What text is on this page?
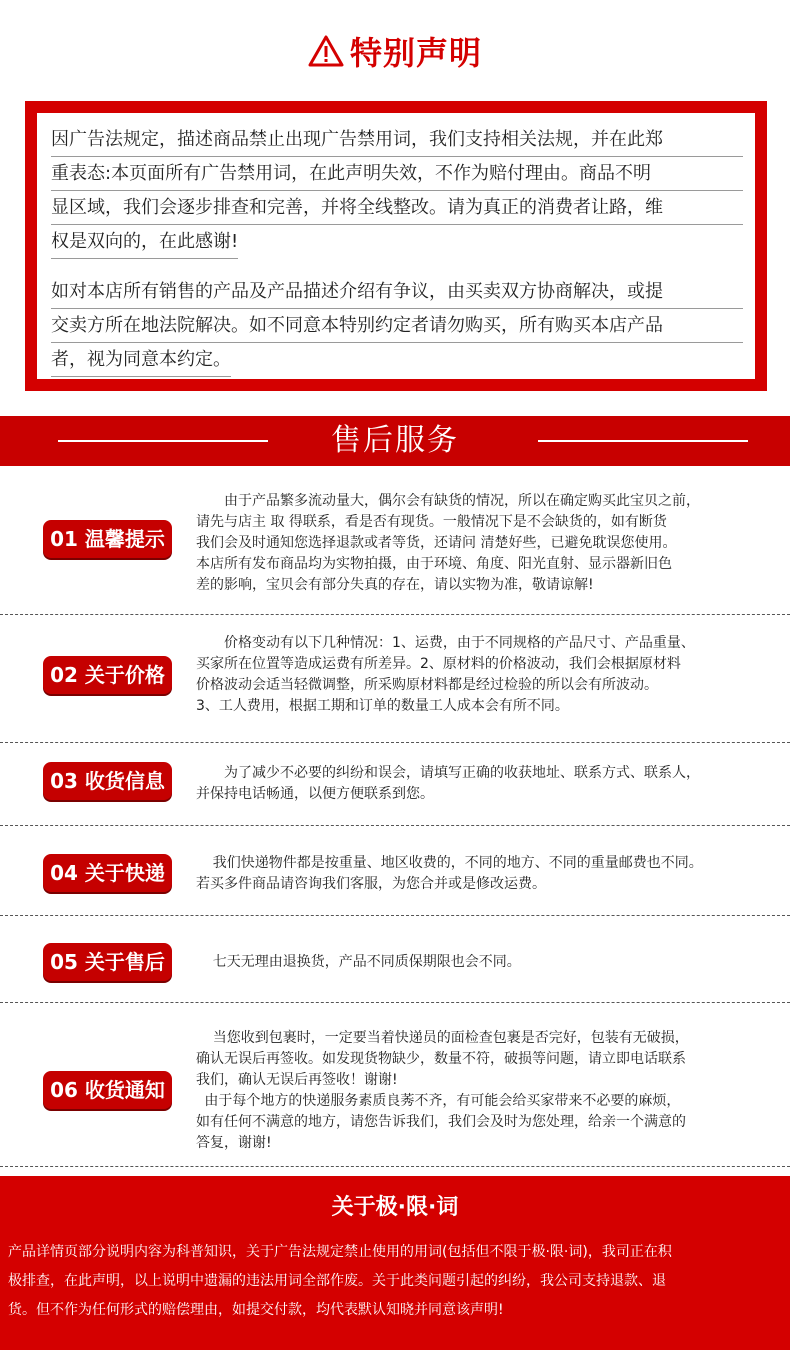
特别声明
因广告法规定，描述商品禁止出现广告禁用词，我们支持相关法规，并在此郑
重表态:本页面所有广告禁用词，在此声明失效，不作为赔付理由。商品不明
显区域，我们会逐步排查和完善，并将全线整改。请为真正的消费者让路，维
权是双向的，在此感谢!
如对本店所有销售的产品及产品描述介绍有争议，由买卖双方协商解决，或提
交卖方所在地法院解决。如不同意本特别约定者请勿购买，所有购买本店产品
者，视为同意本约定。
售后服务
01 温馨提示
由于产品繁多流动量大，偶尔会有缺货的情况，所以在确定购买此宝贝之前，
请先与店主 取 得联系，看是否有现货。一般情况下是不会缺货的，如有断货
我们会及时通知您选择退款或者等货，还请问 清楚好些，已避免耽误您使用。
本店所有发布商品均为实物拍摄，由于环境、角度、阳光直射、显示器新旧色
差的影响，宝贝会有部分失真的存在，请以实物为准，敬请谅解!
02 关于价格
价格变动有以下几种情况：1、运费，由于不同规格的产品尺寸、产品重量、
买家所在位置等造成运费有所差异。2、原材料的价格波动，我们会根据原材料
价格波动会适当轻微调整，所采购原材料都是经过检验的所以会有所波动。
3、工人费用，根据工期和订单的数量工人成本会有所不同。
03 收货信息	为了减少不必要的纠纷和误会，请填写正确的收获地址、联系方式、联系人，
并保持电话畅通，以便方便联系到您。
04 关于快递	我们快递物件都是按重量、地区收费的，不同的地方、不同的重量邮费也不同。
若买多件商品请咨询我们客服，为您合并或是修改运费。
05 关于售后	七天无理由退换货，产品不同质保期限也会不同。
06 收货通知
当您收到包裹时，一定要当着快递员的面检查包裹是否完好，包装有无破损，
确认无误后再签收。如发现货物缺少，数量不符，破损等问题，请立即电话联系
我们，确认无误后再签收！谢谢!
由于每个地方的快递服务素质良莠不齐，有可能会给买家带来不必要的麻烦，
如有任何不满意的地方，请您告诉我们，我们会及时为您处理，给亲一个满意的
答复，谢谢!
关于极·限·词
产品详情页部分说明内容为科普知识，关于广告法规定禁止使用的用词(包括但不限于极·限·词)，我司正在积
极排查，在此声明，以上说明中遗漏的违法用词全部作废。关于此类问题引起的纠纷，我公司支持退款、退
货。但不作为任何形式的赔偿理由，如提交付款，均代表默认知晓并同意该声明!
